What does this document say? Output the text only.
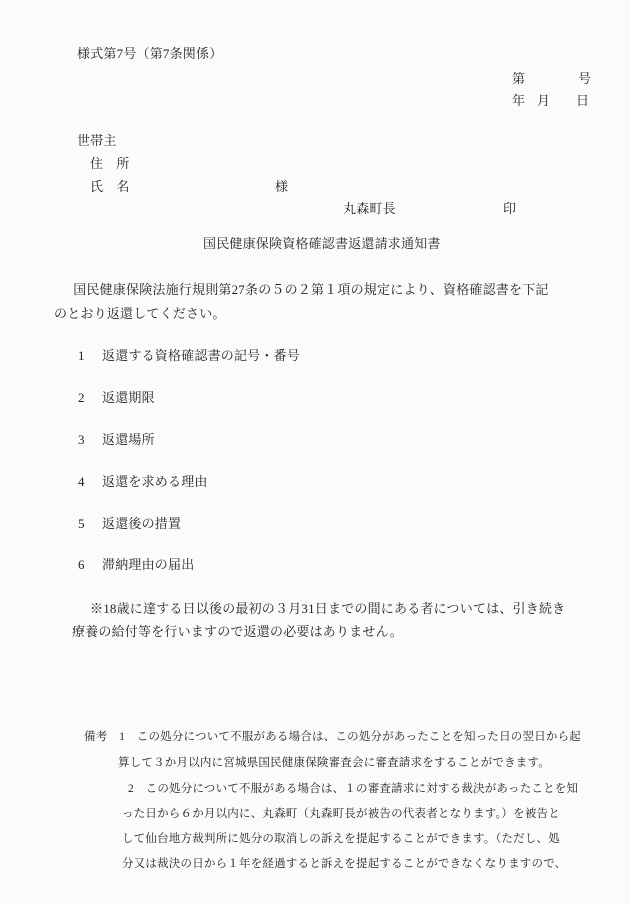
様式第7号（第7条関係）
第	号
年 月 日
世帯主
住　所
氏　名	様
丸森町長	印
国民健康保険資格確認書返還請求通知書
　国民健康保険法施行規則第27条の５の２第１項の規定により、資格確認書を下記
のとおり返還してください。
1 返還する資格確認書の記号・番号
2 返還期限
3 返還場所
4 返還を求める理由
5 返還後の措置
6 滞納理由の届出
※18歳に達する日以後の最初の３月31日までの間にある者については、引き続き
療養の給付等を行いますので返還の必要はありません。
備考　1　この処分について不服がある場合は、この処分があったことを知った日の翌日から起
算して３か月以内に宮城県国民健康保険審査会に審査請求をすることができます。
2　この処分について不服がある場合は、１の審査請求に対する裁決があったことを知
った日から６か月以内に、丸森町（丸森町長が被告の代表者となります。）を被告と
して仙台地方裁判所に処分の取消しの訴えを提起することができます。（ただし、処
分又は裁決の日から１年を経過すると訴えを提起することができなくなりますので、
